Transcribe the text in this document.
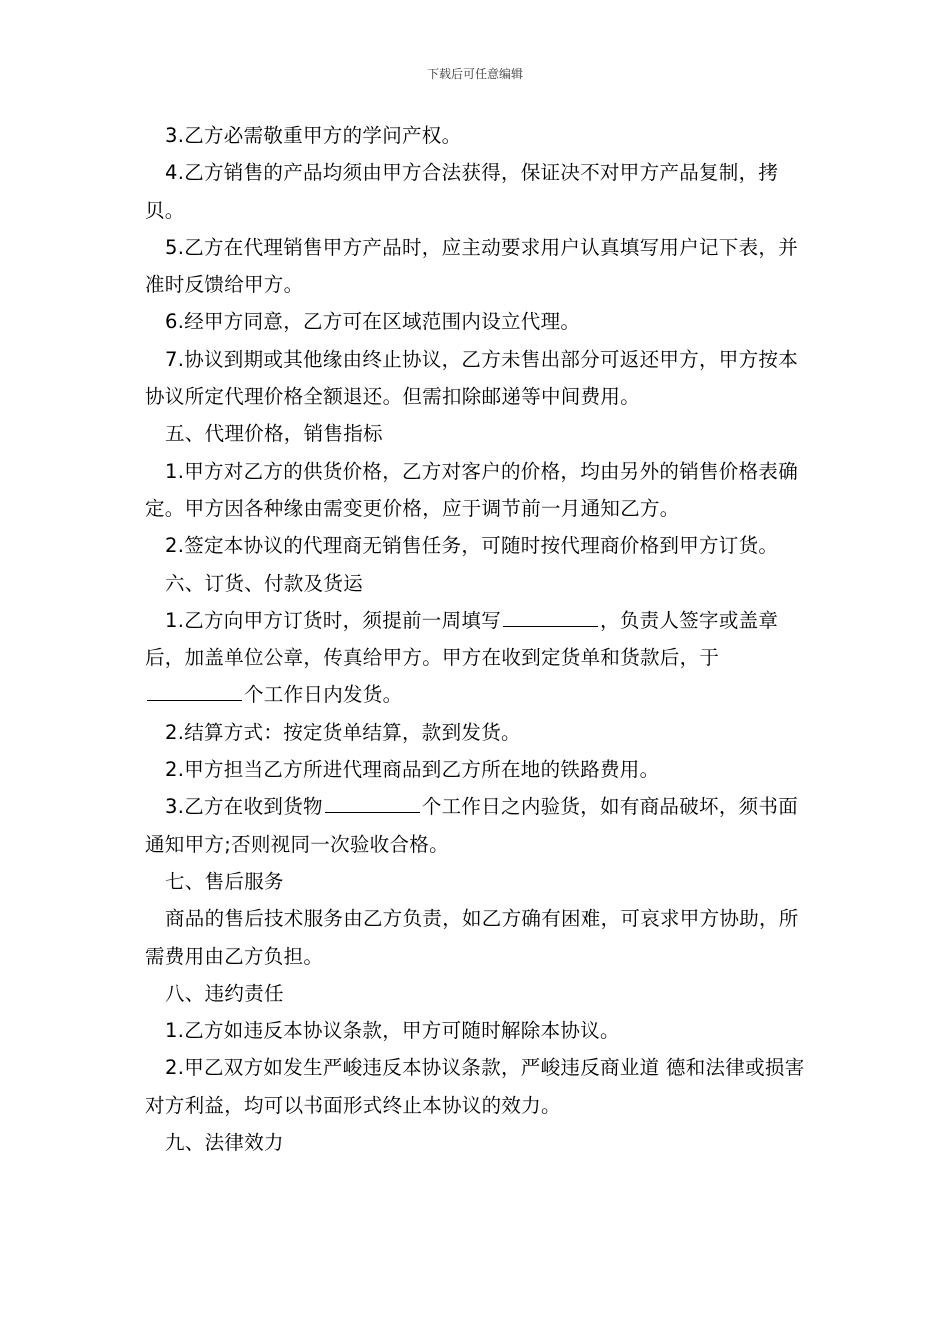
下载后可任意编辑

3.乙方必需敬重甲方的学问产权。

4.乙方销售的产品均须由甲方合法获得，保证决不对甲方产品复制，拷贝。

5.乙方在代理销售甲方产品时，应主动要求用户认真填写用户记下表，并准时反馈给甲方。

6.经甲方同意，乙方可在区域范围内设立代理。

7.协议到期或其他缘由终止协议，乙方未售出部分可返还甲方，甲方按本协议所定代理价格全额退还。但需扣除邮递等中间费用。

五、代理价格，销售指标

1.甲方对乙方的供货价格，乙方对客户的价格，均由另外的销售价格表确定。甲方因各种缘由需变更价格，应于调节前一月通知乙方。

2.签定本协议的代理商无销售任务，可随时按代理商价格到甲方订货。

六、订货、付款及货运

1.乙方向甲方订货时，须提前一周填写	，负责人签字或盖章后，加盖单位公章，传真给甲方。甲方在收到定货单和货款后，于个工作日内发货。

2.结算方式：按定货单结算，款到发货。

2.甲方担当乙方所进代理商品到乙方所在地的铁路费用。

3.乙方在收到货物	个工作日之内验货，如有商品破坏，须书面通知甲方;否则视同一次验收合格。

七、售后服务

商品的售后技术服务由乙方负责，如乙方确有困难，可哀求甲方协助，所需费用由乙方负担。

八、违约责任

1.乙方如违反本协议条款，甲方可随时解除本协议。

2.甲乙双方如发生严峻违反本协议条款，严峻违反商业道 德和法律或损害对方利益，均可以书面形式终止本协议的效力。

九、法律效力
